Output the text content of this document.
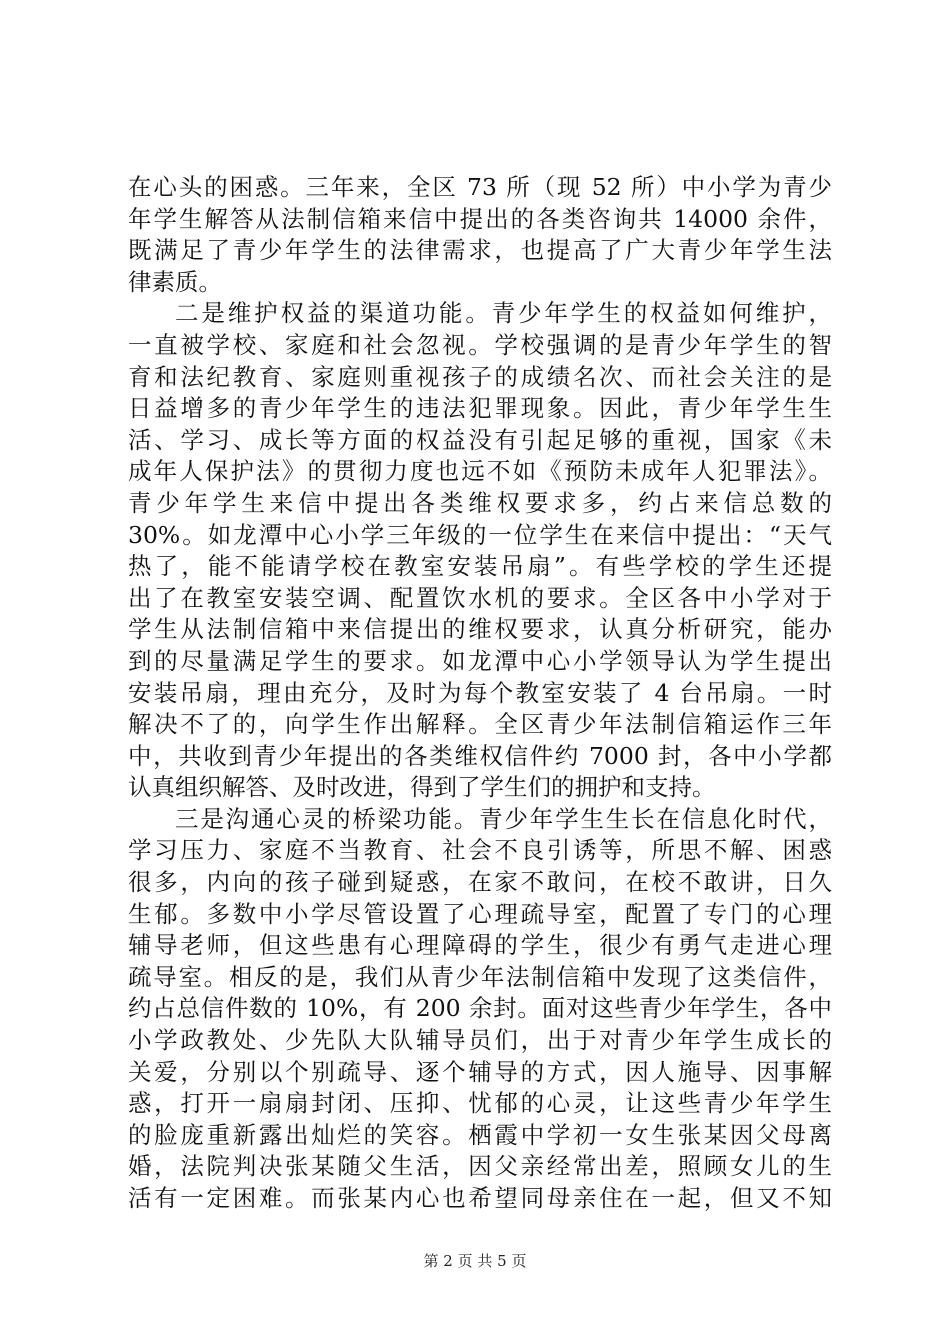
在心头的困惑。三年来，全区 73 所（现 52 所）中小学为青少
年学生解答从法制信箱来信中提出的各类咨询共 14000 余件，
既满足了青少年学生的法律需求，也提高了广大青少年学生法
律素质。
二是维护权益的渠道功能。青少年学生的权益如何维护，
一直被学校、家庭和社会忽视。学校强调的是青少年学生的智
育和法纪教育、家庭则重视孩子的成绩名次、而社会关注的是
日益增多的青少年学生的违法犯罪现象。因此，青少年学生生
活、学习、成长等方面的权益没有引起足够的重视，国家《未
成年人保护法》的贯彻力度也远不如《预防未成年人犯罪法》。
青少年学生来信中提出各类维权要求多，约占来信总数的
30%。如龙潭中心小学三年级的一位学生在来信中提出：“天气
热了，能不能请学校在教室安装吊扇”。有些学校的学生还提
出了在教室安装空调、配置饮水机的要求。全区各中小学对于
学生从法制信箱中来信提出的维权要求，认真分析研究，能办
到的尽量满足学生的要求。如龙潭中心小学领导认为学生提出
安装吊扇，理由充分，及时为每个教室安装了 4 台吊扇。一时
解决不了的，向学生作出解释。全区青少年法制信箱运作三年
中，共收到青少年提出的各类维权信件约 7000 封，各中小学都
认真组织解答、及时改进，得到了学生们的拥护和支持。
三是沟通心灵的桥梁功能。青少年学生生长在信息化时代，
学习压力、家庭不当教育、社会不良引诱等，所思不解、困惑
很多，内向的孩子碰到疑惑，在家不敢问，在校不敢讲，日久
生郁。多数中小学尽管设置了心理疏导室，配置了专门的心理
辅导老师，但这些患有心理障碍的学生，很少有勇气走进心理
疏导室。相反的是，我们从青少年法制信箱中发现了这类信件，
约占总信件数的 10%，有 200 余封。面对这些青少年学生，各中
小学政教处、少先队大队辅导员们，出于对青少年学生成长的
关爱，分别以个别疏导、逐个辅导的方式，因人施导、因事解
惑，打开一扇扇封闭、压抑、忧郁的心灵，让这些青少年学生
的脸庞重新露出灿烂的笑容。栖霞中学初一女生张某因父母离
婚，法院判决张某随父生活，因父亲经常出差，照顾女儿的生
活有一定困难。而张某内心也希望同母亲住在一起，但又不知
第 2 页 共 5 页
